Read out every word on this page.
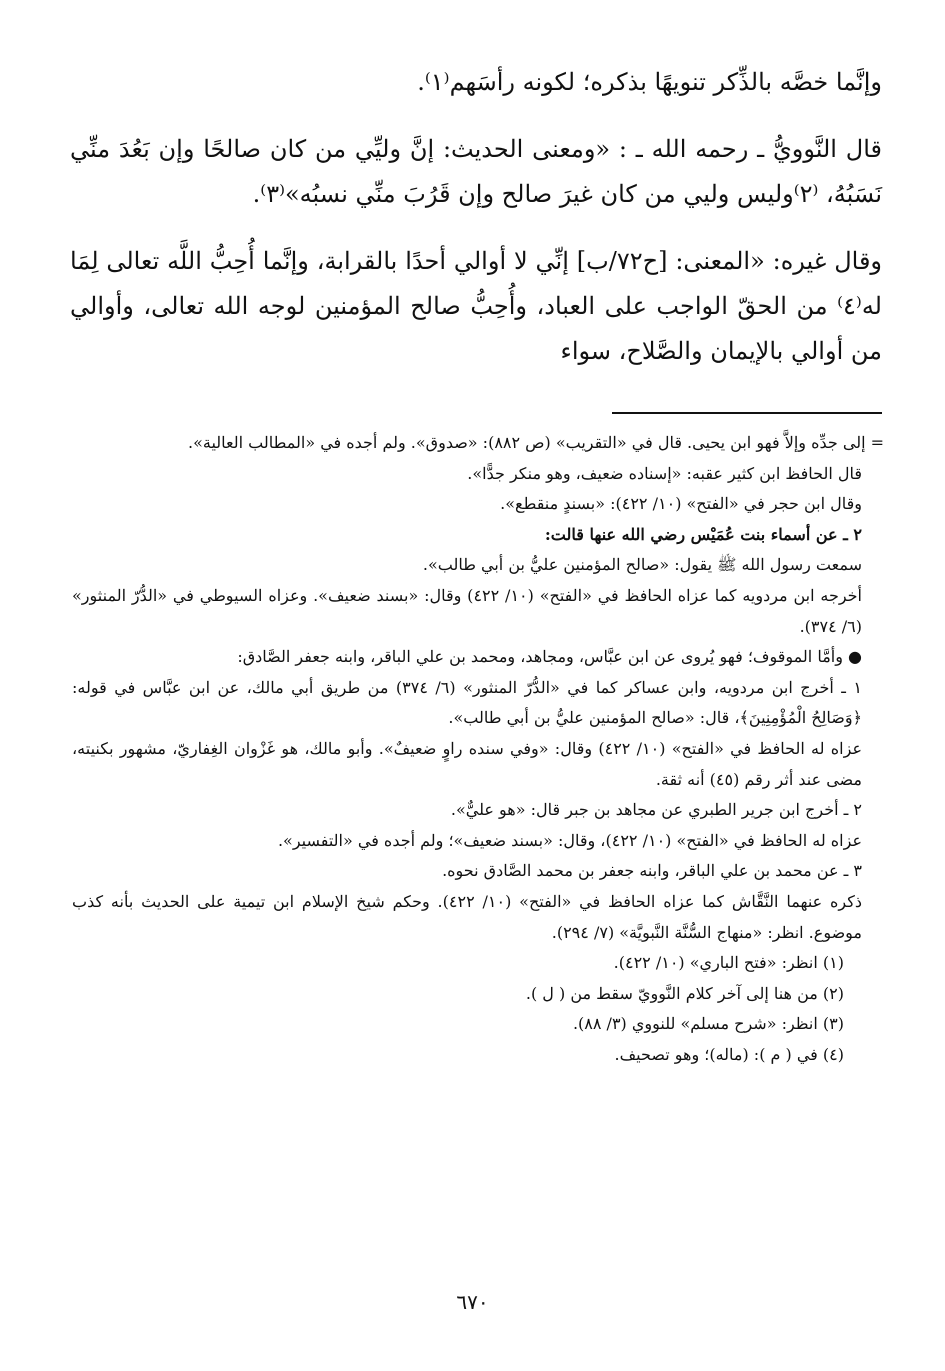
وإنَّما خصَّه بالذِّكر تنويهًا بذكره؛ لكونه رأسَهم⁽١⁾.

قال النَّوويُّ ـ رحمه الله ـ : «ومعنى الحديث: إنَّ وليِّي من كان صالحًا وإن بَعُدَ منِّي نَسَبُهُ، ⁽٢⁾وليس وليي من كان غيرَ صالح وإن قَرُبَ منِّي نسبُه»⁽٣⁾.

وقال غيره: «المعنى: [ح٧٢/ب] إنِّي لا أوالي أحدًا بالقرابة، وإنَّما أُحِبُّ اللَّه تعالى لِمَا له⁽٤⁾ من الحقّ الواجب على العباد، وأُحِبُّ صالح المؤمنين لوجه الله تعالى، وأوالي من أوالي بالإيمان والصَّلاح، سواء

= إلى جدِّه وإلاَّ فهو ابن يحيى. قال في «التقريب» (ص ٨٨٢): «صدوق». ولم أجده في «المطالب العالية».

قال الحافظ ابن كثير عقبه: «إسناده ضعيف، وهو منكر جدًّا».

وقال ابن حجر في «الفتح» (١٠/ ٤٢٢): «بسندٍ منقطع».

٢ ـ عن أسماء بنت عُمَيْس رضي الله عنها قالت:

سمعت رسول الله ﷺ يقول: «صالح المؤمنين عليُّ بن أبي طالب».

أخرجه ابن مردويه كما عزاه الحافظ في «الفتح» (١٠/ ٤٢٢) وقال: «بسند ضعيف». وعزاه السيوطي في «الدُّرّ المنثور» (٦/ ٣٧٤).

● وأمَّا الموقوف؛ فهو يُروى عن ابن عبَّاس، ومجاهد، ومحمد بن علي الباقر، وابنه جعفر الصَّادق:

١ ـ أخرج ابن مردويه، وابن عساكر كما في «الدُّرّ المنثور» (٦/ ٣٧٤) من طريق أبي مالك، عن ابن عبَّاس في قوله: ﴿وَصَالِحُ الْمُؤْمِنِينَ﴾، قال: «صالح المؤمنين عليُّ بن أبي طالب».

عزاه له الحافظ في «الفتح» (١٠/ ٤٢٢) وقال: «وفي سنده راوٍ ضعيفٌ». وأبو مالك، هو غَزْوان الغِفاريّ، مشهور بكنيته، مضى عند أثر رقم (٤٥) أنه ثقة.

٢ ـ أخرج ابن جرير الطبري عن مجاهد بن جبر قال: «هو عليٌّ».

عزاه له الحافظ في «الفتح» (١٠/ ٤٢٢)، وقال: «بسند ضعيف»؛ ولم أجده في «التفسير».

٣ ـ عن محمد بن علي الباقر، وابنه جعفر بن محمد الصَّادق نحوه.

ذكره عنهما النَّقَّاش كما عزاه الحافظ في «الفتح» (١٠/ ٤٢٢). وحكم شيخ الإسلام ابن تيمية على الحديث بأنه كذب موضوع. انظر: «منهاج السُّنَّة النَّبويَّة» (٧/ ٢٩٤).

(١) انظر: «فتح الباري» (١٠/ ٤٢٢).

(٢) من هنا إلى آخر كلام النَّوويّ سقط من ( ل ).

(٣) انظر: «شرح مسلم» للنووي (٣/ ٨٨).

(٤) في ( م ): (ماله)؛ وهو تصحيف.

٦٧٠
